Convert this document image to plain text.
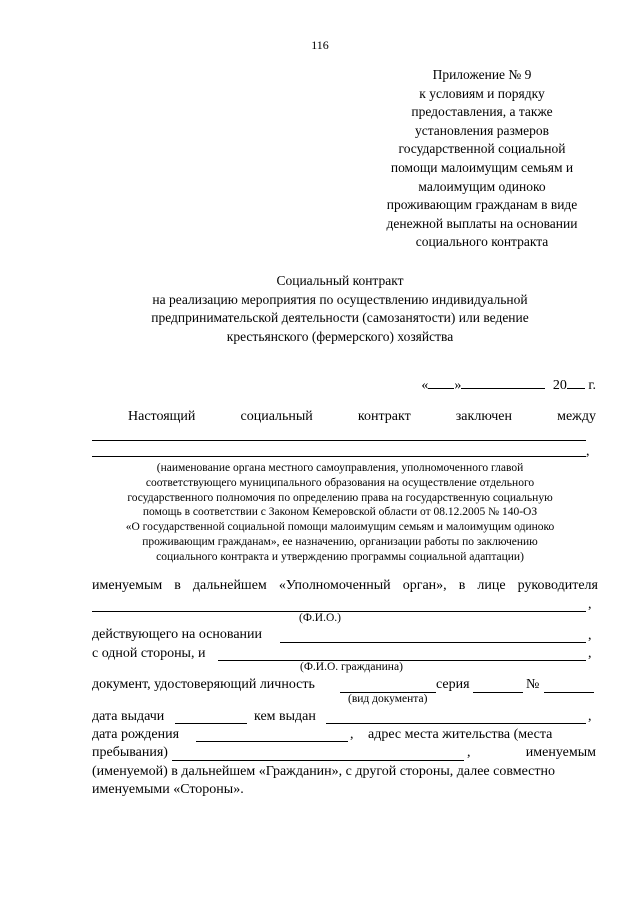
116
Приложение № 9
к условиям и порядку
предоставления, а также
установления размеров
государственной социальной
помощи малоимущим семьям и
малоимущим одиноко
проживающим гражданам в виде
денежной выплаты на основании
социального контракта
Социальный контракт
на реализацию мероприятия по осуществлению индивидуальной
предпринимательской деятельности (самозанятости) или ведение
крестьянского (фермерского) хозяйства
« »	20 г.
Настоящий	социальный	контракт	заключен	между
,
(наименование органа местного самоуправления, уполномоченного главой
соответствующего муниципального образования на осуществление отдельного
государственного полномочия по определению права на государственную социальную
помощь в соответствии с Законом Кемеровской области от 08.12.2005 № 140-ОЗ
«О государственной социальной помощи малоимущим семьям и малоимущим одиноко
проживающим гражданам», ее назначению, организации работы по заключению
социального контракта и утверждению программы социальной адаптации)
именуемым в дальнейшем «Уполномоченный орган», в лице руководителя
,
(Ф.И.О.)
действующего на основании	,
с одной стороны, и	,
(Ф.И.О. гражданина)
документ, удостоверяющий личность	серия	№
(вид документа)
дата выдачи	кем выдан	,
дата рождения	, адрес места жительства (места
пребывания)	,	именуемым
(именуемой) в дальнейшем «Гражданин», с другой стороны, далее совместно
именуемыми «Стороны».
